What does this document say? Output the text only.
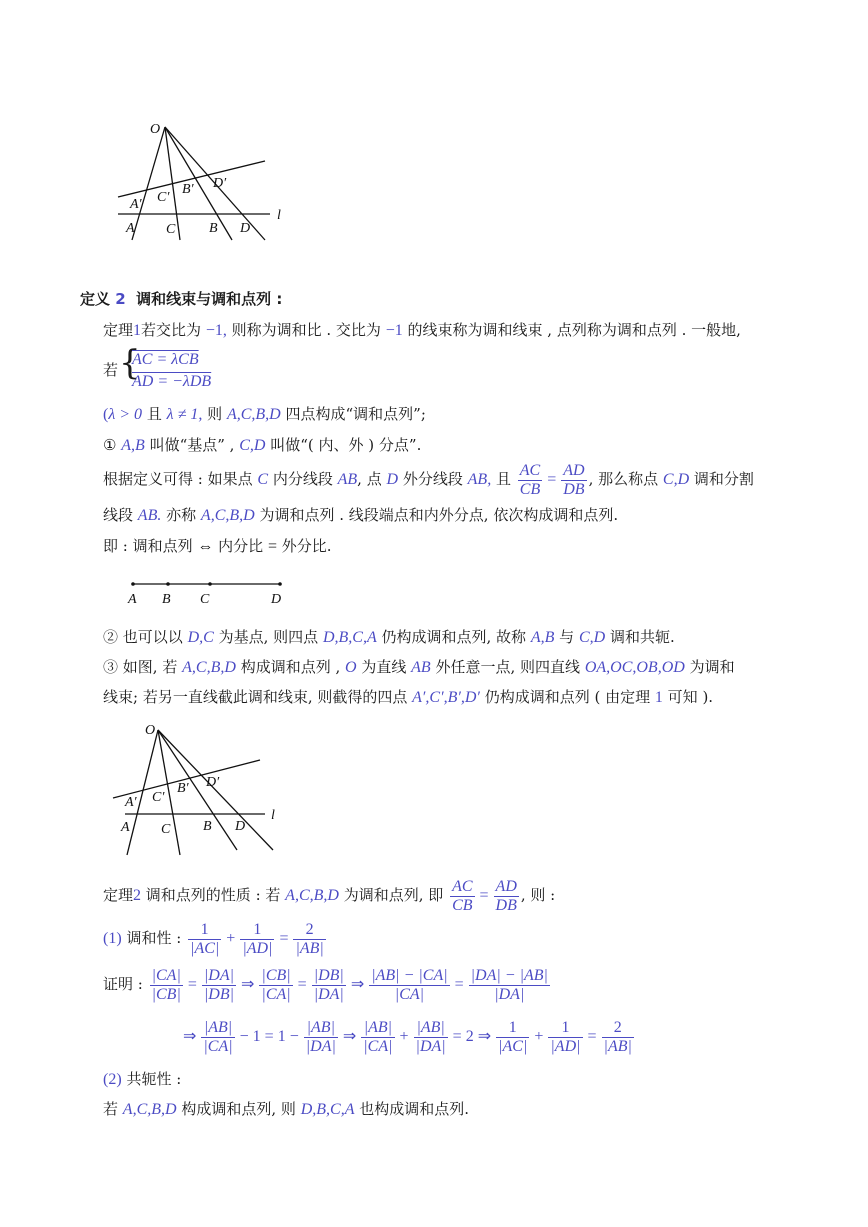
O
A′ C′
B′ D′
A C B D
l
定义 2 调和线束与调和点列 :
定理1若交比为 −1, 则称为调和比 . 交比为 −1 的线束称为调和线束 , 点列称为调和点列 . 一般地,
若 {
AC = λCB
AD = −λDB
(λ > 0 且 λ ≠ 1, 则 A,C,B,D 四点构成“调和点列”;
① A,B 叫做“基点” , C,D 叫做“( 内、外 ) 分点”.
根据定义可得 : 如果点 C 内分线段 AB, 点 D 外分线段 AB, 且 $\frac{AC}{CB} = \frac{AD}{DB}$ , 那么称点 C,D 调和分割
线段 AB. 亦称 A,C,B,D 为调和点列 . 线段端点和内外分点, 依次构成调和点列.
即 : 调和点列 ⇔ 内分比 = 外分比.
A B C	D
② 也可以以 D,C 为基点, 则四点 D,B,C,A 仍构成调和点列, 故称 A,B 与 C,D 调和共轭.
③ 如图, 若 A,C,B,D 构成调和点列 , O 为直线 AB 外任意一点, 则四直线 OA,OC,OB,OD 为调和
线束; 若另一直线截此调和线束, 则截得的四点 A′,C′,B′,D′ 仍构成调和点列 ( 由定理 1 可知 ).
O
A′ C′
B′ D′
A C B D
l
定理2 调和点列的性质 : 若 A,C,B,D 为调和点列, 即 $\frac{AC}{CB} = \frac{AD}{DB}$ , 则 :
(1) 调和性 : $\frac{1}{|AC|} + \frac{1}{|AD|} = \frac{2}{|AB|}$
证明 : $\frac{|CA|}{|CB|} = \frac{|DA|}{|DB|}$ ⇒ $\frac{|CB|}{|CA|} = \frac{|DB|}{|DA|}$ ⇒ $\frac{|AB| - |CA|}{|CA|} = \frac{|DA| - |AB|}{|DA|}$
⇒ $\frac{|AB|}{|CA|} - 1 = 1 - \frac{|AB|}{|DA|}$ ⇒ $\frac{|AB|}{|CA|} + \frac{|AB|}{|DA|} = 2$ ⇒ $\frac{1}{|AC|} + \frac{1}{|AD|} = \frac{2}{|AB|}$
(2) 共轭性 :
若 A,C,B,D 构成调和点列, 则 D,B,C,A 也构成调和点列.
